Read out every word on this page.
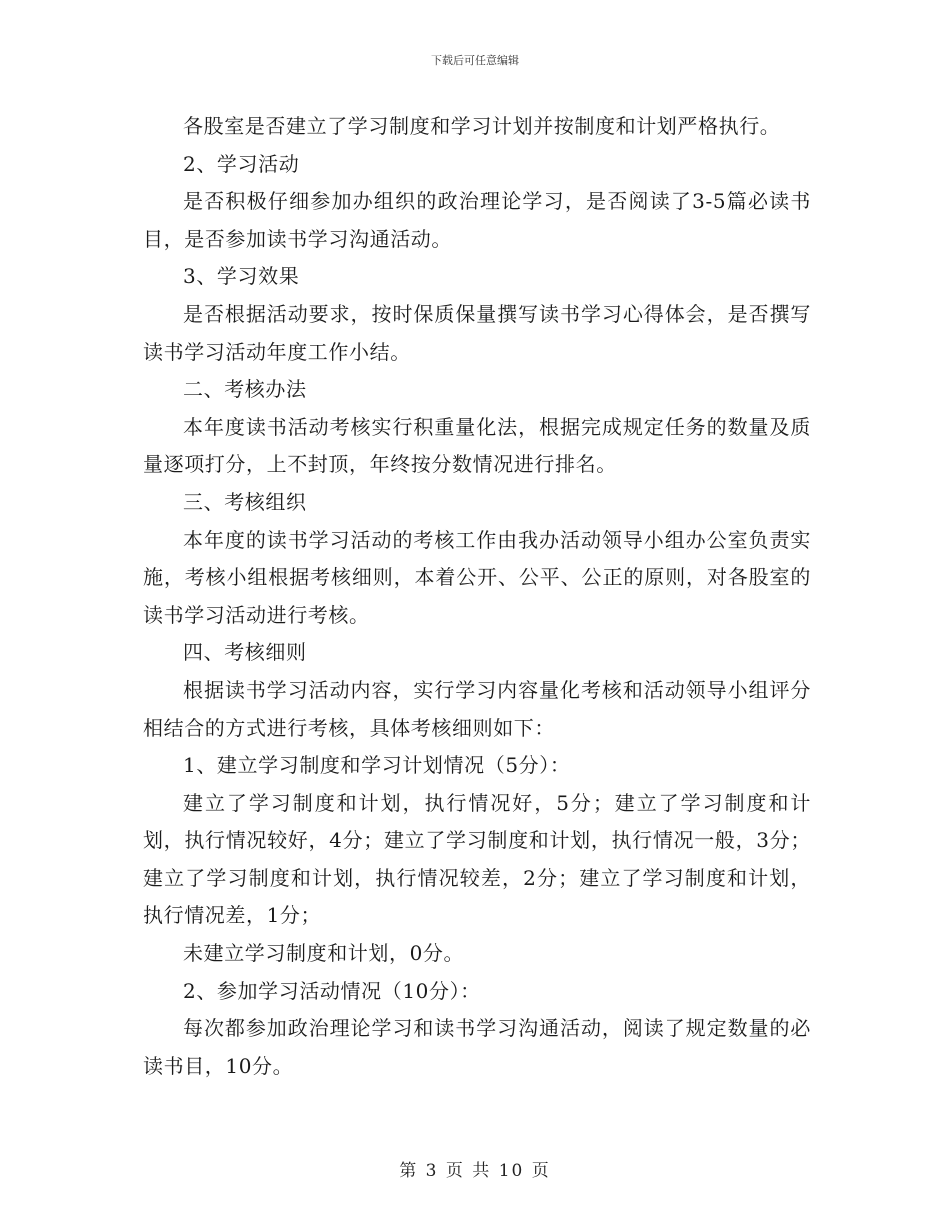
下载后可任意编辑

各股室是否建立了学习制度和学习计划并按制度和计划严格执行。

2、学习活动

是否积极仔细参加办组织的政治理论学习，是否阅读了3-5篇必读书目，是否参加读书学习沟通活动。

3、学习效果

是否根据活动要求，按时保质保量撰写读书学习心得体会，是否撰写读书学习活动年度工作小结。

二、考核办法

本年度读书活动考核实行积重量化法，根据完成规定任务的数量及质量逐项打分，上不封顶，年终按分数情况进行排名。

三、考核组织

本年度的读书学习活动的考核工作由我办活动领导小组办公室负责实施，考核小组根据考核细则，本着公开、公平、公正的原则，对各股室的读书学习活动进行考核。

四、考核细则

根据读书学习活动内容，实行学习内容量化考核和活动领导小组评分相结合的方式进行考核，具体考核细则如下：

1、建立学习制度和学习计划情况（5分）：

建立了学习制度和计划，执行情况好，5分；建立了学习制度和计划，执行情况较好，4分；建立了学习制度和计划，执行情况一般，3分；建立了学习制度和计划，执行情况较差，2分；建立了学习制度和计划，执行情况差，1分；

未建立学习制度和计划，0分。

2、参加学习活动情况（10分）：

每次都参加政治理论学习和读书学习沟通活动，阅读了规定数量的必读书目，10分。

第 3 页 共 10 页
